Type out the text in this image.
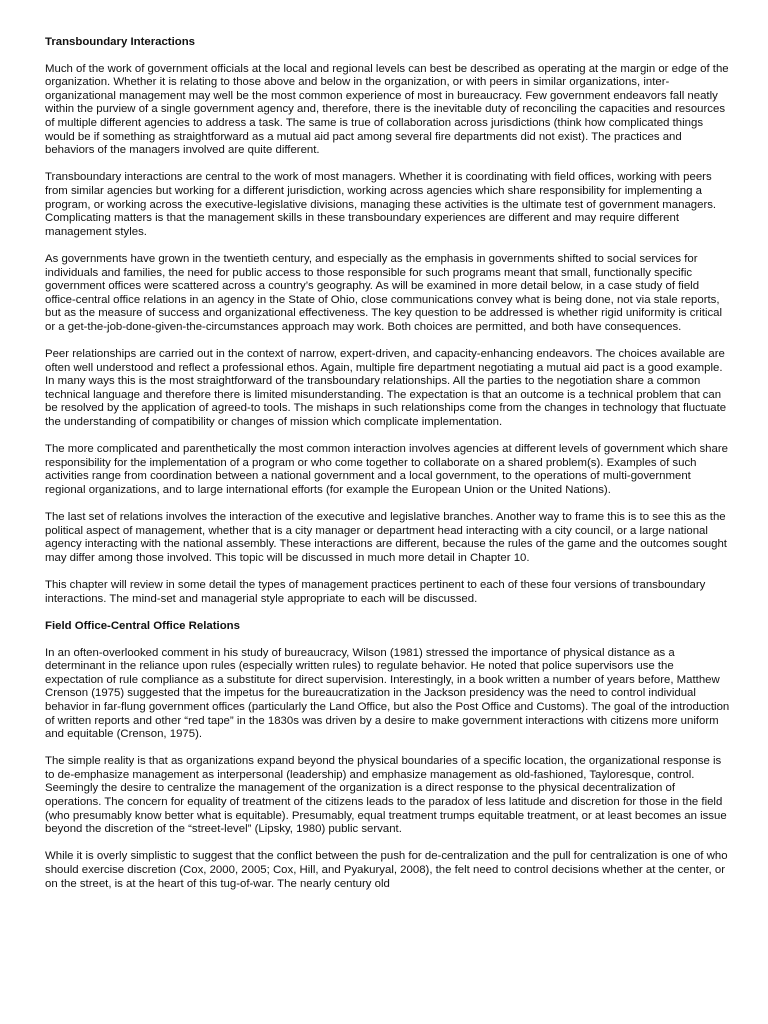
Transboundary Interactions

Much of the work of government officials at the local and regional levels can best be described as operating at the margin or edge of the organization. Whether it is relating to those above and below in the organization, or with peers in similar organizations, inter-organizational management may well be the most common experience of most in bureaucracy. Few government endeavors fall neatly within the purview of a single government agency and, therefore, there is the inevitable duty of reconciling the capacities and resources of multiple different agencies to address a task. The same is true of collaboration across jurisdictions (think how complicated things would be if something as straightforward as a mutual aid pact among several fire departments did not exist). The practices and behaviors of the managers involved are quite different.

Transboundary interactions are central to the work of most managers. Whether it is coordinating with field offices, working with peers from similar agencies but working for a different jurisdiction, working across agencies which share responsibility for implementing a program, or working across the executive-legislative divisions, managing these activities is the ultimate test of government managers. Complicating matters is that the management skills in these transboundary experiences are different and may require different management styles.

As governments have grown in the twentieth century, and especially as the emphasis in governments shifted to social services for individuals and families, the need for public access to those responsible for such programs meant that small, functionally specific government offices were scattered across a country’s geography. As will be examined in more detail below, in a case study of field office-central office relations in an agency in the State of Ohio, close communications convey what is being done, not via stale reports, but as the measure of success and organizational effectiveness. The key question to be addressed is whether rigid uniformity is critical or a get-the-job-done-given-the-circumstances approach may work. Both choices are permitted, and both have consequences.

Peer relationships are carried out in the context of narrow, expert-driven, and capacity-enhancing endeavors. The choices available are often well understood and reflect a professional ethos. Again, multiple fire department negotiating a mutual aid pact is a good example. In many ways this is the most straightforward of the transboundary relationships. All the parties to the negotiation share a common technical language and therefore there is limited misunderstanding. The expectation is that an outcome is a technical problem that can be resolved by the application of agreed-to tools. The mishaps in such relationships come from the changes in technology that fluctuate the understanding of compatibility or changes of mission which complicate implementation.

The more complicated and parenthetically the most common interaction involves agencies at different levels of government which share responsibility for the implementation of a program or who come together to collaborate on a shared problem(s). Examples of such activities range from coordination between a national government and a local government, to the operations of multi-government regional organizations, and to large international efforts (for example the European Union or the United Nations).

The last set of relations involves the interaction of the executive and legislative branches. Another way to frame this is to see this as the political aspect of management, whether that is a city manager or department head interacting with a city council, or a large national agency interacting with the national assembly. These interactions are different, because the rules of the game and the outcomes sought may differ among those involved. This topic will be discussed in much more detail in Chapter 10.

This chapter will review in some detail the types of management practices pertinent to each of these four versions of transboundary interactions. The mind-set and managerial style appropriate to each will be discussed.

Field Office-Central Office Relations

In an often-overlooked comment in his study of bureaucracy, Wilson (1981) stressed the importance of physical distance as a determinant in the reliance upon rules (especially written rules) to regulate behavior. He noted that police supervisors use the expectation of rule compliance as a substitute for direct supervision. Interestingly, in a book written a number of years before, Matthew Crenson (1975) suggested that the impetus for the bureaucratization in the Jackson presidency was the need to control individual behavior in far-flung government offices (particularly the Land Office, but also the Post Office and Customs). The goal of the introduction of written reports and other “red tape” in the 1830s was driven by a desire to make government interactions with citizens more uniform and equitable (Crenson, 1975).

The simple reality is that as organizations expand beyond the physical boundaries of a specific location, the organizational response is to de-emphasize management as interpersonal (leadership) and emphasize management as old-fashioned, Tayloresque, control. Seemingly the desire to centralize the management of the organization is a direct response to the physical decentralization of operations. The concern for equality of treatment of the citizens leads to the paradox of less latitude and discretion for those in the field (who presumably know better what is equitable). Presumably, equal treatment trumps equitable treatment, or at least becomes an issue beyond the discretion of the “street-level” (Lipsky, 1980) public servant.

While it is overly simplistic to suggest that the conflict between the push for de-centralization and the pull for centralization is one of who should exercise discretion (Cox, 2000, 2005; Cox, Hill, and Pyakuryal, 2008), the felt need to control decisions whether at the center, or on the street, is at the heart of this tug-of-war. The nearly century old
